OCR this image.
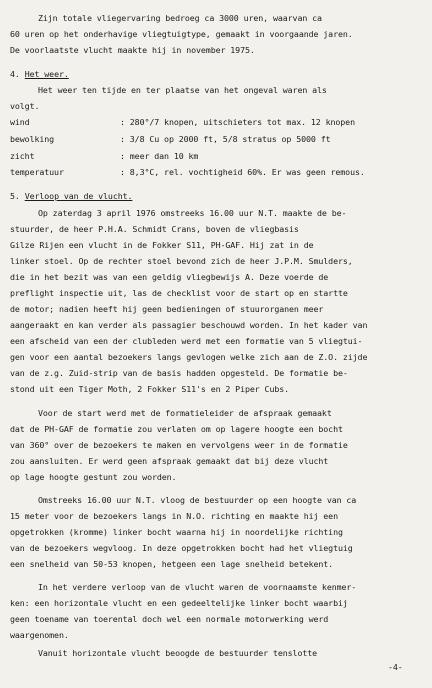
Zijn totale vliegervaring bedroeg ca 3000 uren, waarvan ca
60 uren op het onderhavige vliegtuigtype, gemaakt in voorgaande jaren.
De voorlaatste vlucht maakte hij in november 1975.
4. Het weer.
Het weer ten tijde en ter plaatse van het ongeval waren als
volgt.
wind	: 280°/7 knopen, uitschieters tot max. 12 knopen
bewolking	: 3/8 Cu op 2000 ft, 5/8 stratus op 5000 ft
zicht	: meer dan 10 km
temperatuur	: 8,3°C, rel. vochtigheid 60%. Er was geen remous.
5. Verloop van de vlucht.
Op zaterdag 3 april 1976 omstreeks 16.00 uur N.T. maakte de be-
stuurder, de heer P.H.A. Schmidt Crans, boven de vliegbasis
Gilze Rijen een vlucht in de Fokker S11, PH-GAF. Hij zat in de
linker stoel. Op de rechter stoel bevond zich de heer J.P.M. Smulders,
die in het bezit was van een geldig vliegbewijs A. Deze voerde de
preflight inspectie uit, las de checklist voor de start op en startte
de motor; nadien heeft hij geen bedieningen of stuurorganen meer
aangeraakt en kan verder als passagier beschouwd worden. In het kader van
een afscheid van een der clubleden werd met een formatie van 5 vliegtui-
gen voor een aantal bezoekers langs gevlogen welke zich aan de Z.O. zijde
van de z.g. Zuid-strip van de basis hadden opgesteld. De formatie be-
stond uit een Tiger Moth, 2 Fokker S11's en 2 Piper Cubs.
Voor de start werd met de formatieleider de afspraak gemaakt
dat de PH-GAF de formatie zou verlaten om op lagere hoogte een bocht
van 360° over de bezoekers te maken en vervolgens weer in de formatie
zou aansluiten. Er werd geen afspraak gemaakt dat bij deze vlucht
op lage hoogte gestunt zou worden.
Omstreeks 16.00 uur N.T. vloog de bestuurder op een hoogte van ca
15 meter voor de bezoekers langs in N.O. richting en maakte hij een
opgetrokken (kromme) linker bocht waarna hij in noordelijke richting
van de bezoekers wegvloog. In deze opgetrokken bocht had het vliegtuig
een snelheid van 50-53 knopen, hetgeen een lage snelheid betekent.
In het verdere verloop van de vlucht waren de voornaamste kenmer-
ken: een horizontale vlucht en een gedeeltelijke linker bocht waarbij
geen toename van toerental doch wel een normale motorwerking werd
waargenomen.
Vanuit horizontale vlucht beoogde de bestuurder tenslotte
-4-
